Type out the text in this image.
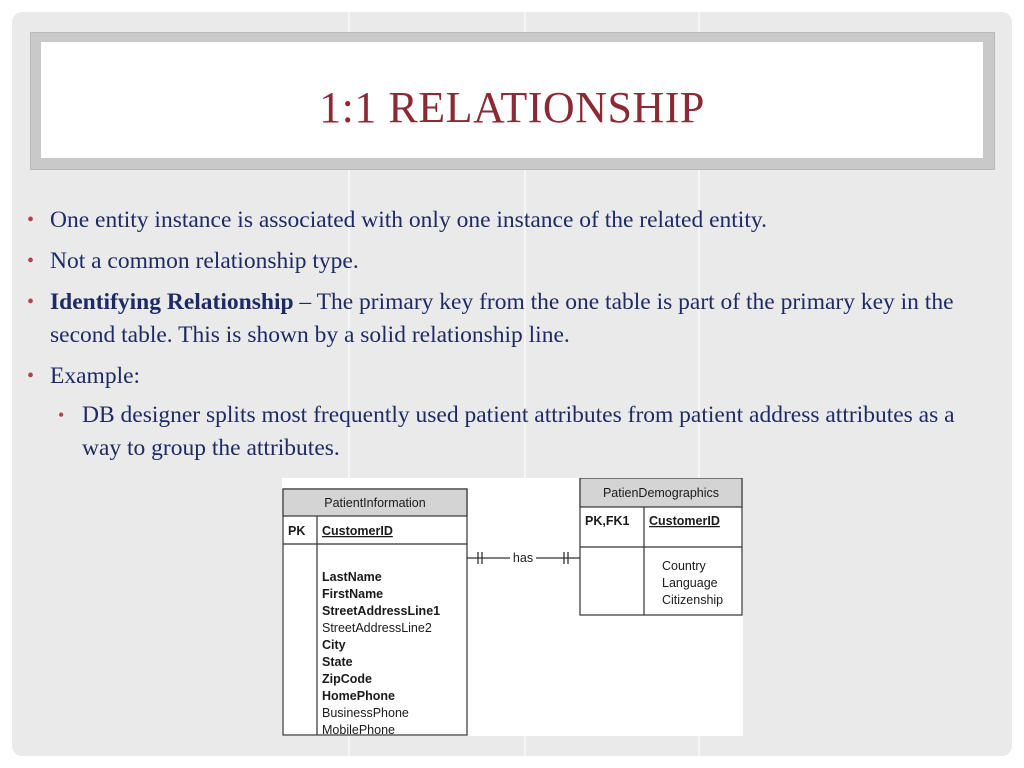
1:1 RELATIONSHIP
• One entity instance is associated with only one instance of the related entity.
• Not a common relationship type.
• Identifying Relationship – The primary key from the one table is part of the primary key in the second table. This is shown by a solid relationship line.
• Example:
• DB designer splits most frequently used patient attributes from patient address attributes as a way to group the attributes.
PatientInformation
PK CustomerID
LastName
FirstName
StreetAddressLine1
StreetAddressLine2
City
State
ZipCode
HomePhone
BusinessPhone
MobilePhone
PatienDemographics
PK,FK1 CustomerID
Country
Language
Citizenship
has
